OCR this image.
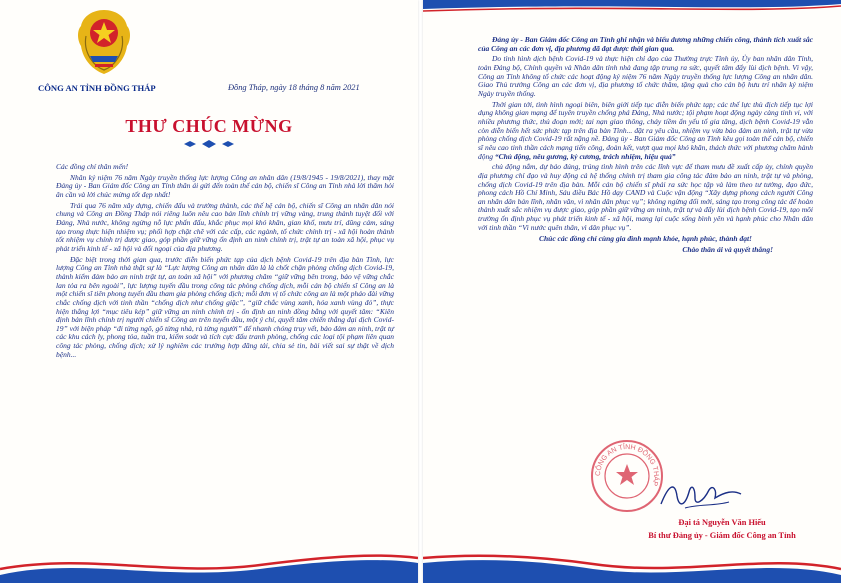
CÔNG AN TỈNH ĐỒNG THÁP	Đồng Tháp, ngày 18 tháng 8 năm 2021
THƯ CHÚC MỪNG

Các đồng chí thân mến!

Nhân kỷ niệm 76 năm Ngày truyền thống lực lượng Công an nhân dân (19/8/1945 - 19/8/2021), thay mặt Đảng ủy - Ban Giám đốc Công an Tỉnh thân ái gửi đến toàn thể cán bộ, chiến sĩ Công an Tỉnh nhà lời thăm hỏi ân cần và lời chúc mừng tốt đẹp nhất!

Trải qua 76 năm xây dựng, chiến đấu và trưởng thành, các thế hệ cán bộ, chiến sĩ Công an nhân dân nói chung và Công an Đồng Tháp nói riêng luôn nêu cao bản lĩnh chính trị vững vàng, trung thành tuyệt đối với Đảng, Nhà nước, không ngừng nỗ lực phấn đấu, khắc phục mọi khó khăn, gian khổ, mưu trí, dũng cảm, sáng tạo trong thực hiện nhiệm vụ; phối hợp chặt chẽ với các cấp, các ngành, tổ chức chính trị - xã hội hoàn thành tốt nhiệm vụ chính trị được giao, góp phần giữ vững ổn định an ninh chính trị, trật tự an toàn xã hội, phục vụ phát triển kinh tế - xã hội và đối ngoại của địa phương.

Đặc biệt trong thời gian qua, trước diễn biến phức tạp của dịch bệnh Covid-19 trên địa bàn Tỉnh, lực lượng Công an Tỉnh nhà thật sự là “Lực lượng Công an nhân dân là là chốt chặn phòng chống dịch Covid-19, thành kiểm đảm bảo an ninh trật tự, an toàn xã hội” với phương châm “giữ vững bên trong, bảo vệ vững chắc lan tỏa ra bên ngoài”, lực lượng tuyến đầu trong công tác phòng chống dịch, mỗi cán bộ chiến sĩ Công an là một chiến sĩ tiên phong tuyến đầu tham gia phòng chống dịch; mỗi đơn vị tổ chức công an là một pháo đài vững chắc chống dịch với tinh thần “chống dịch như chống giặc”, “giữ chắc vùng xanh, hóa xanh vùng đỏ”, thực hiện thắng lợi “mục tiêu kép” giữ vững an ninh chính trị - ổn định an ninh đồng bằng với quyết tâm: “Kiên định bản lĩnh chính trị người chiến sĩ Công an trên tuyến đầu, một ý chí, quyết tâm chiến thắng đại dịch Covid-19” với biện pháp “đi từng ngõ, gõ từng nhà, rà từng người” để nhanh chóng truy vết, bảo đảm an ninh, trật tự các khu cách ly, phong tỏa, tuần tra, kiểm soát và tích cực đấu tranh phòng, chống các loại tội phạm liên quan công tác phòng, chống dịch; xử lý nghiêm các trường hợp đăng tải, chia sẻ tin, bài viết sai sự thật về dịch bệnh...

Đảng ủy - Ban Giám đốc Công an Tỉnh ghi nhận và biểu dương những chiến công, thành tích xuất sắc của Công an các đơn vị, địa phương đã đạt được thời gian qua.

Do tình hình dịch bệnh Covid-19 và thực hiện chỉ đạo của Thường trực Tỉnh ủy, Ủy ban nhân dân Tỉnh, toàn Đảng bộ, Chính quyền và Nhân dân tỉnh nhà đang tập trung ra sức, quyết tâm đẩy lùi dịch bệnh. Vì vậy, Công an Tỉnh không tổ chức các hoạt động kỷ niệm 76 năm Ngày truyền thống lực lượng Công an nhân dân. Giao Thủ trưởng Công an các đơn vị, địa phương tổ chức thăm, tặng quà cho cán bộ hưu trí nhân kỷ niệm Ngày truyền thống.

Thời gian tới, tình hình ngoại biên, biên giới tiếp tục diễn biến phức tạp; các thế lực thù địch tiếp tục lợi dụng không gian mạng để tuyên truyền chống phá Đảng, Nhà nước; tội phạm hoạt động ngày càng tinh vi, với nhiều phương thức, thủ đoạn mới; tai nạn giao thông, cháy tiềm ẩn yếu tố gia tăng, dịch bệnh Covid-19 vẫn còn diễn biến hết sức phức tạp trên địa bàn Tỉnh... đặt ra yêu cầu, nhiệm vụ vừa bảo đảm an ninh, trật tự vừa phòng chống dịch Covid-19 rất nặng nề. Đảng ủy - Ban Giám đốc Công an Tỉnh kêu gọi toàn thể cán bộ, chiến sĩ nêu cao tinh thần cách mạng tiến công, đoàn kết, vượt qua mọi khó khăn, thách thức với phương châm hành động “Chủ động, nêu gương, kỷ cương, trách nhiệm, hiệu quả”

chủ động nắm, dự báo đúng, trúng tình hình trên các lĩnh vực để tham mưu đề xuất cấp ủy, chính quyền địa phương chỉ đạo và huy động cả hệ thống chính trị tham gia công tác đảm bảo an ninh, trật tự và phòng, chống dịch Covid-19 trên địa bàn. Mỗi cán bộ chiến sĩ phải ra sức học tập và làm theo tư tưởng, đạo đức, phong cách Hồ Chí Minh, Sáu điều Bác Hồ dạy CAND và Cuộc vận động “Xây dựng phong cách người Công an nhân dân bản lĩnh, nhân văn, vì nhân dân phục vụ”; không ngừng đổi mới, sáng tạo trong công tác để hoàn thành xuất sắc nhiệm vụ được giao, góp phần giữ vững an ninh, trật tự và đẩy lùi dịch bệnh Covid-19, tạo môi trường ổn định phục vụ phát triển kinh tế - xã hội, mang lại cuộc sống bình yên và hạnh phúc cho Nhân dân với tinh thần “Vì nước quên thân, vì dân phục vụ”.

Chúc các đồng chí cùng gia đình mạnh khỏe, hạnh phúc, thành đạt!

Chào thân ái và quyết thắng!

CÔNG AN TỈNH ĐỒNG THÁP
Đại tá Nguyễn Văn Hiếu
Bí thư Đảng ủy - Giám đốc Công an Tỉnh
